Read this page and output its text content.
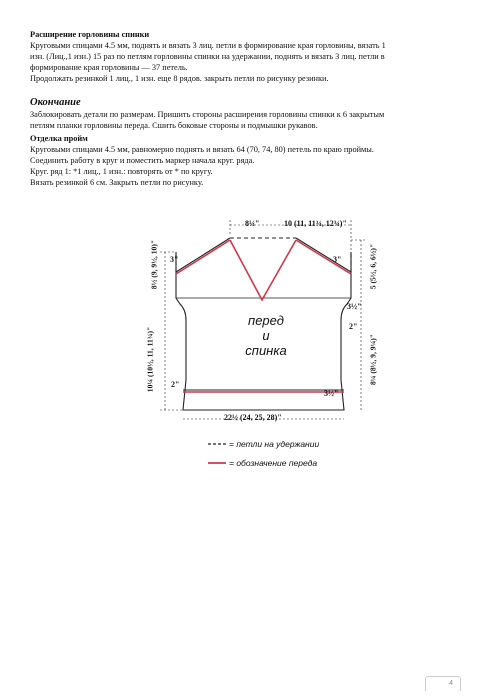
Расширение горловины спинки
Круговыми спицами 4.5 мм, поднять и вязать 3 лиц. петли в формирование края горловины, вязать 1
изн. (Лиц.,1 изн.) 15 раз по петлям горловины спинки на удержании, поднять и вязать 3 лиц. петли в
формирование края горловины — 37 петель.
Продолжать резинкой 1 лиц., 1 изн. еще 8 рядов. закрыть петли по рисунку резинки.
Окончание
Заблокировать детали по размерам. Пришить стороны расширения горловины спинки к 6 закрытым
петлям планки горловины переда. Сшить боковые стороны и подмышки рукавов.
Отделка пройм
Круговыми спицами 4.5 мм, равномерно поднять и вязать 64 (70, 74, 80) петель по краю проймы.
Соединить работу в круг и поместить маркер начала круг. ряда.
Круг. ряд 1: *1 лиц., 1 изн.: повторять от * по кругу.
Вязать резинкой 6 см. Закрыть петли по рисунку.
8¼"	10 (11, 11¾, 12¾)"
3"	3"
3½"
2"
2"
3½"
22½ (24, 25, 28)"
8½ (9, 9½, 10)"
10¼ (10½, 11, 11¾)"
5 (5½, 6, 6½)"
8¼ (8½, 9, 9¼)"
перед
и
спинка
= петли на удержании
= обозначение переда
4
